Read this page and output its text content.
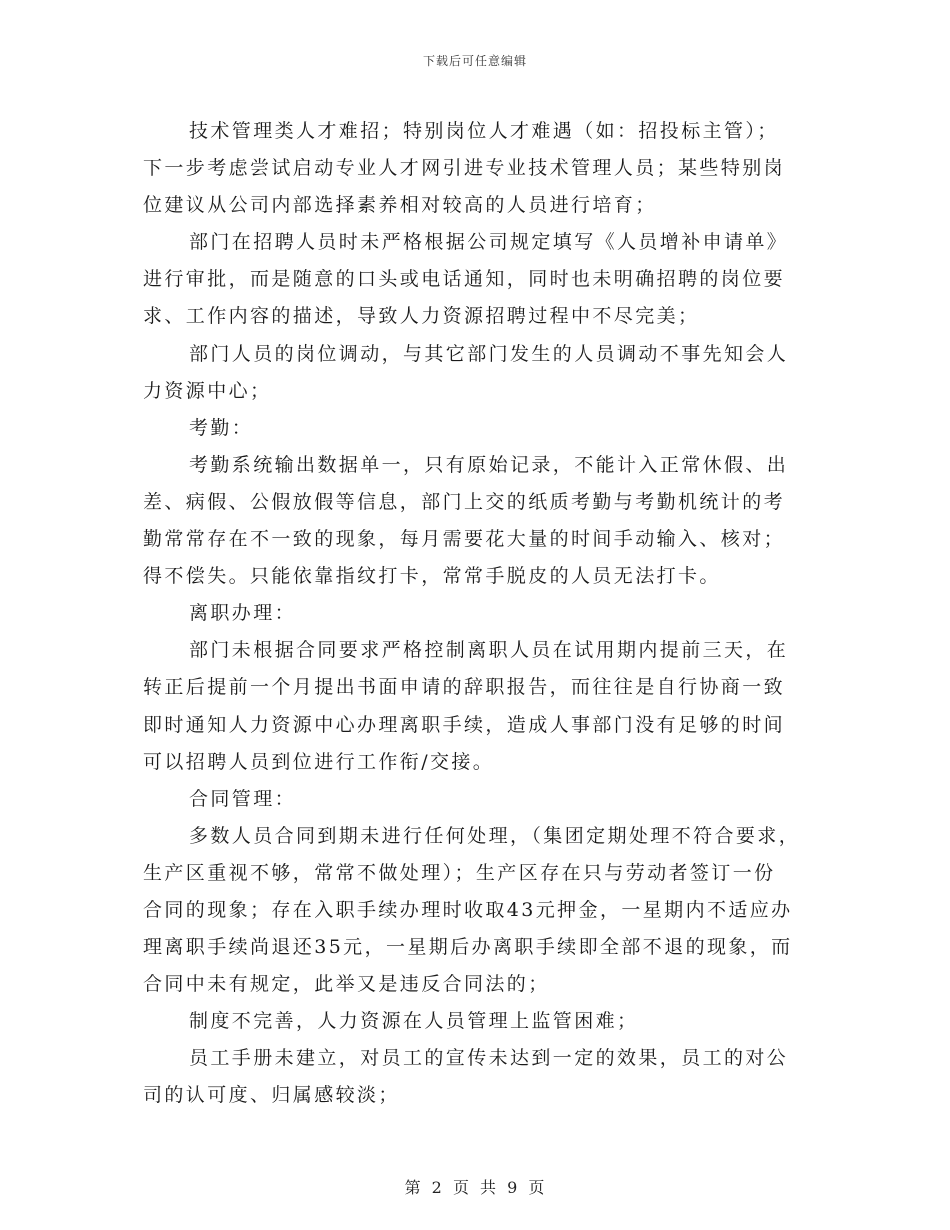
下载后可任意编辑
技术管理类人才难招；特别岗位人才难遇（如：招投标主管）；
下一步考虑尝试启动专业人才网引进专业技术管理人员；某些特别岗
位建议从公司内部选择素养相对较高的人员进行培育；
部门在招聘人员时未严格根据公司规定填写《人员增补申请单》
进行审批，而是随意的口头或电话通知，同时也未明确招聘的岗位要
求、工作内容的描述，导致人力资源招聘过程中不尽完美；
部门人员的岗位调动，与其它部门发生的人员调动不事先知会人
力资源中心；
考勤：
考勤系统输出数据单一，只有原始记录，不能计入正常休假、出
差、病假、公假放假等信息，部门上交的纸质考勤与考勤机统计的考
勤常常存在不一致的现象，每月需要花大量的时间手动输入、核对；
得不偿失。只能依靠指纹打卡，常常手脱皮的人员无法打卡。
离职办理：
部门未根据合同要求严格控制离职人员在试用期内提前三天，在
转正后提前一个月提出书面申请的辞职报告，而往往是自行协商一致
即时通知人力资源中心办理离职手续，造成人事部门没有足够的时间
可以招聘人员到位进行工作衔/交接。
合同管理：
多数人员合同到期未进行任何处理，（集团定期处理不符合要求，
生产区重视不够，常常不做处理）；生产区存在只与劳动者签订一份
合同的现象；存在入职手续办理时收取43元押金，一星期内不适应办
理离职手续尚退还35元，一星期后办离职手续即全部不退的现象，而
合同中未有规定，此举又是违反合同法的；
制度不完善，人力资源在人员管理上监管困难；
员工手册未建立，对员工的宣传未达到一定的效果，员工的对公
司的认可度、归属感较淡；
第 2 页 共 9 页
